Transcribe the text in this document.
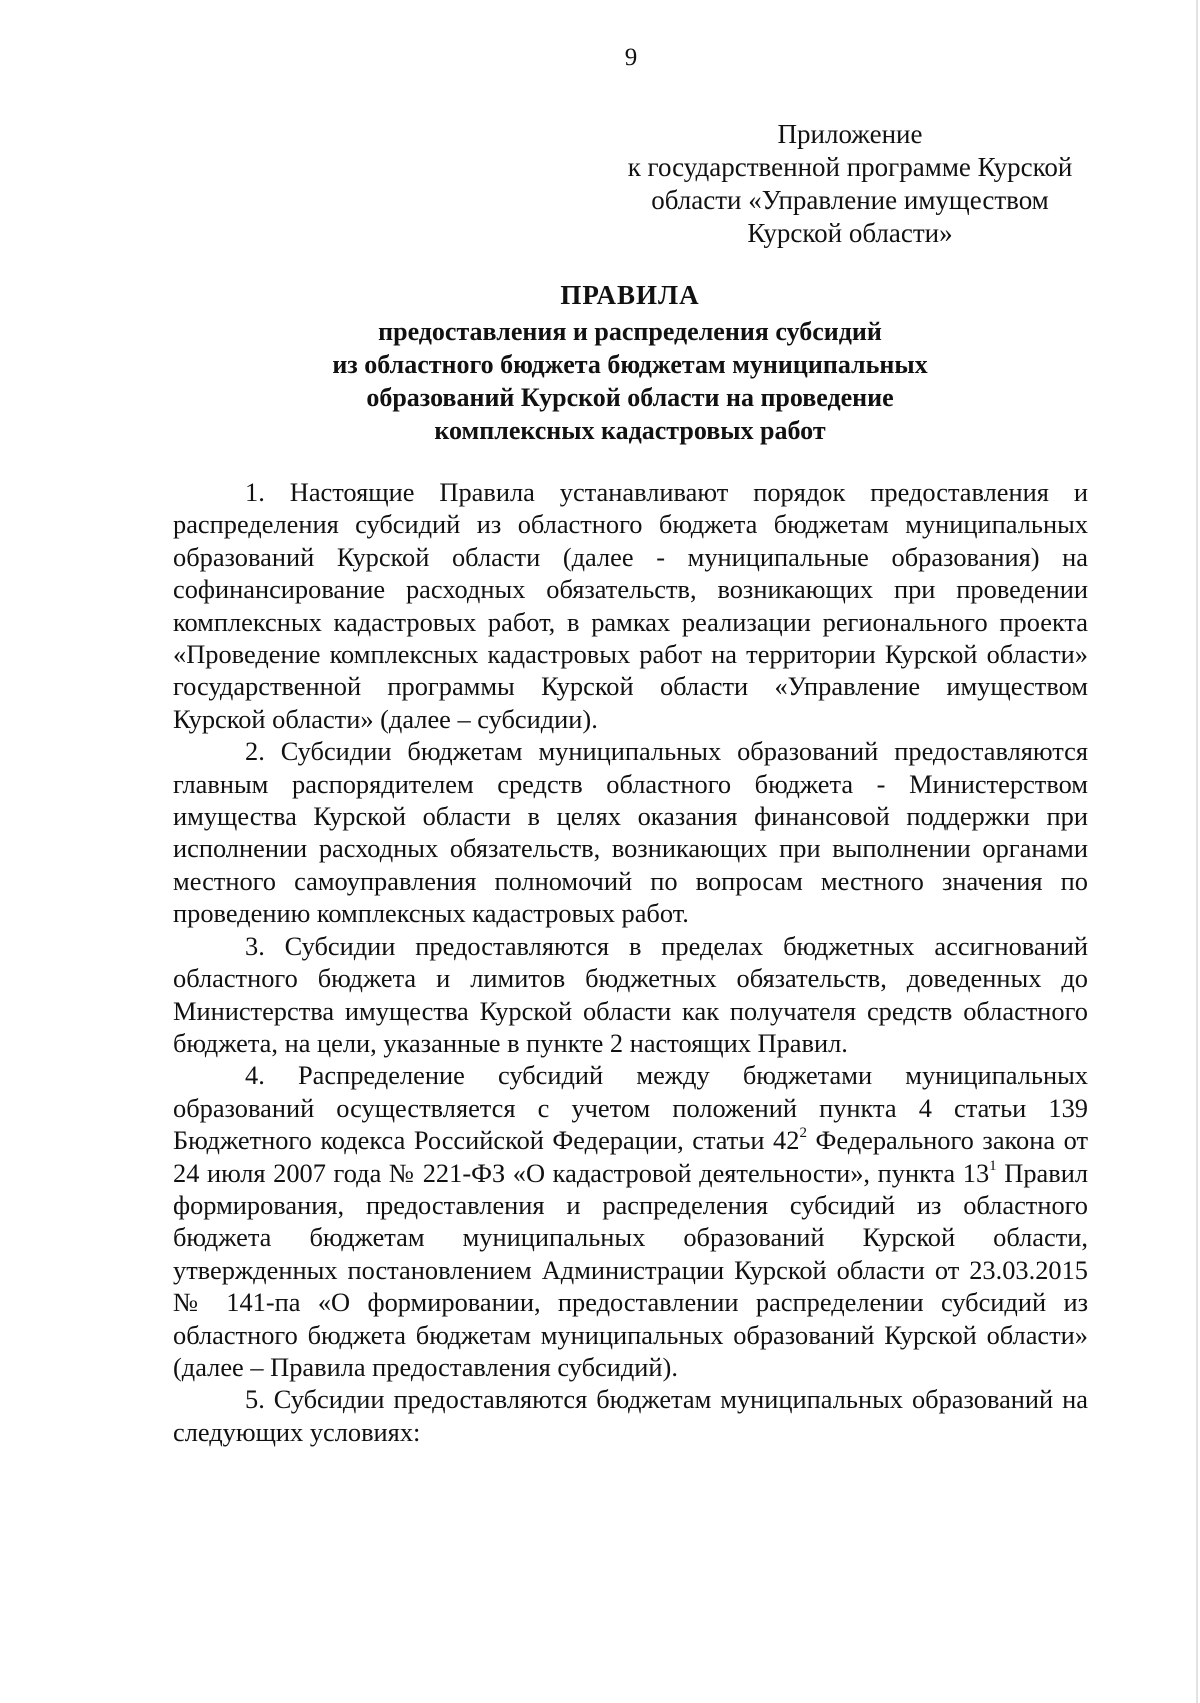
9
Приложение
к государственной программе Курской
области «Управление имуществом
Курской области»
ПРАВИЛА
предоставления и распределения субсидий
из областного бюджета бюджетам муниципальных
образований Курской области на проведение
комплексных кадастровых работ

1. Настоящие Правила устанавливают порядок предоставления и распределения субсидий из областного бюджета бюджетам муниципальных образований Курской области (далее - муниципальные образования) на софинансирование расходных обязательств, возникающих при проведении комплексных кадастровых работ, в рамках реализации регионального проекта «Проведение комплексных кадастровых работ на территории Курской области» государственной программы Курской области «Управление имуществом Курской области» (далее – субсидии).

2. Субсидии бюджетам муниципальных образований предоставляются главным распорядителем средств областного бюджета - Министерством имущества Курской области в целях оказания финансовой поддержки при исполнении расходных обязательств, возникающих при выполнении органами местного самоуправления полномочий по вопросам местного значения по проведению комплексных кадастровых работ.

3. Субсидии предоставляются в пределах бюджетных ассигнований областного бюджета и лимитов бюджетных обязательств, доведенных до Министерства имущества Курской области как получателя средств областного бюджета, на цели, указанные в пункте 2 настоящих Правил.

4. Распределение субсидий между бюджетами муниципальных образований осуществляется с учетом положений пункта 4 статьи 139 Бюджетного кодекса Российской Федерации, статьи $42^2$ Федерального закона от 24 июля 2007 года № 221-ФЗ «О кадастровой деятельности», пункта $13^1$ Правил формирования, предоставления и распределения субсидий из областного бюджета бюджетам муниципальных образований Курской области, утвержденных постановлением Администрации Курской области от 23.03.2015 № 141-па «О формировании, предоставлении распределении субсидий из областного бюджета бюджетам муниципальных образований Курской области» (далее – Правила предоставления субсидий).

5. Субсидии предоставляются бюджетам муниципальных образований на следующих условиях:
